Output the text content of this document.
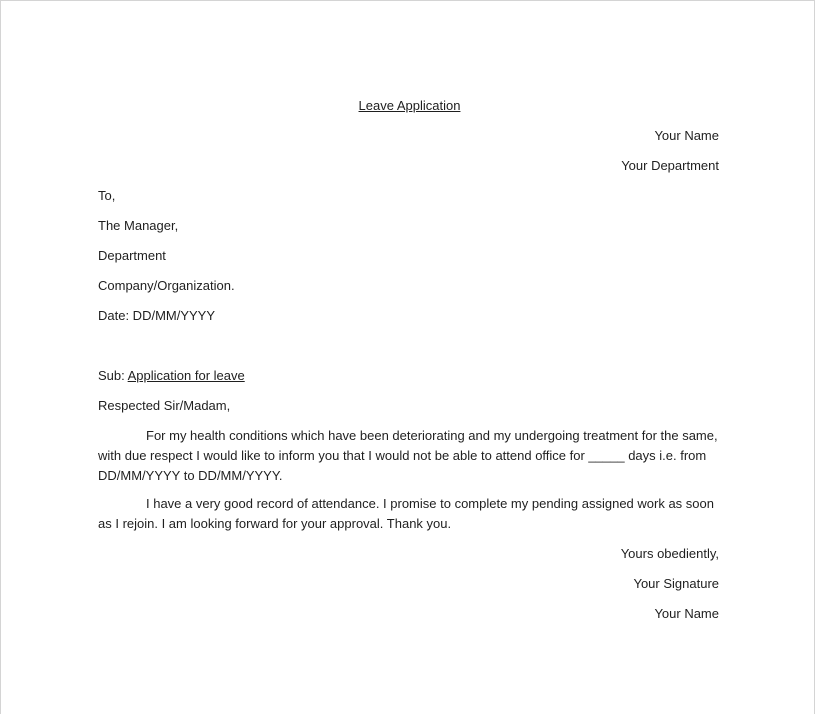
Leave Application
Your Name
Your Department
To,
The Manager,
Department
Company/Organization.
Date: DD/MM/YYYY
Sub: Application for leave
Respected Sir/Madam,
For my health conditions which have been deteriorating and my undergoing treatment for the same, with due respect I would like to inform you that I would not be able to attend office for _____ days i.e. from DD/MM/YYYY to DD/MM/YYYY.
I have a very good record of attendance. I promise to complete my pending assigned work as soon as I rejoin. I am looking forward for your approval. Thank you.
Yours obediently,
Your Signature
Your Name
